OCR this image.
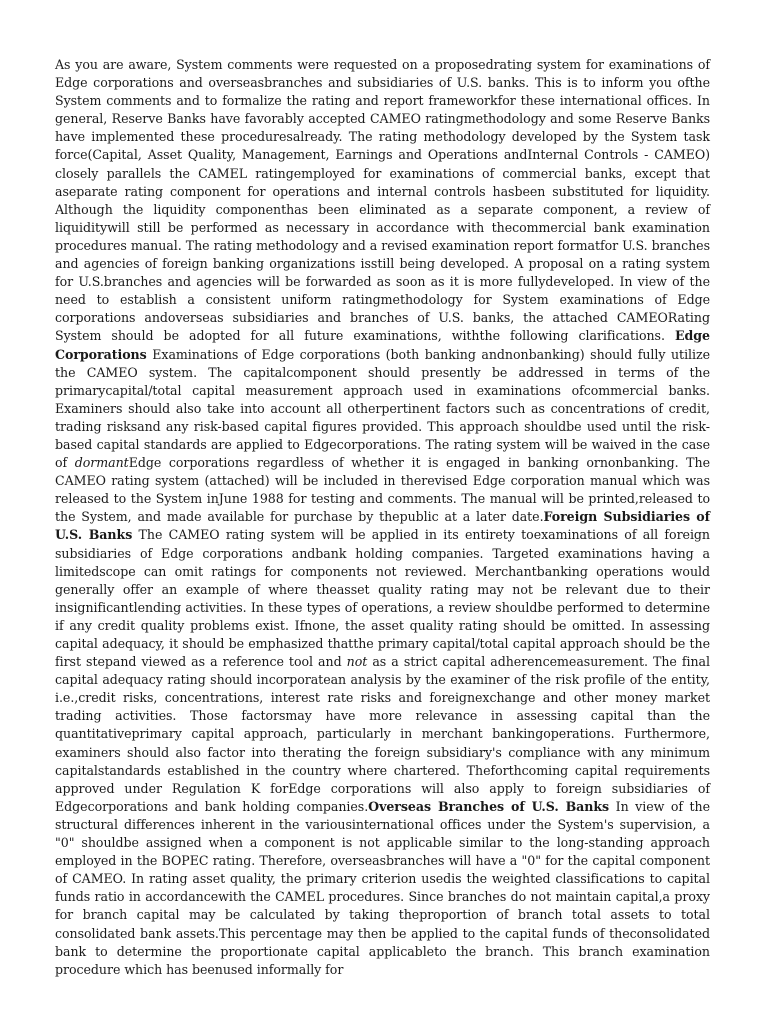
As you are aware, System comments were requested on a proposedrating system for examinations of Edge corporations and overseasbranches and subsidiaries of U.S. banks. This is to inform you ofthe System comments and to formalize the rating and report frameworkfor these international offices. In general, Reserve Banks have favorably accepted CAMEO ratingmethodology and some Reserve Banks have implemented these proceduresalready. The rating methodology developed by the System task force(Capital, Asset Quality, Management, Earnings and Operations andInternal Controls - CAMEO) closely parallels the CAMEL ratingemployed for examinations of commercial banks, except that aseparate rating component for operations and internal controls hasbeen substituted for liquidity. Although the liquidity componenthas been eliminated as a separate component, a review of liquiditywill still be performed as necessary in accordance with thecommercial bank examination procedures manual. The rating methodology and a revised examination report formatfor U.S. branches and agencies of foreign banking organizations isstill being developed. A proposal on a rating system for U.S.branches and agencies will be forwarded as soon as it is more fullydeveloped. In view of the need to establish a consistent uniform ratingmethodology for System examinations of Edge corporations andoverseas subsidiaries and branches of U.S. banks, the attached CAMEORating System should be adopted for all future examinations, withthe following clarifications. Edge Corporations Examinations of Edge corporations (both banking andnonbanking) should fully utilize the CAMEO system. The capitalcomponent should presently be addressed in terms of the primarycapital/total capital measurement approach used in examinations ofcommercial banks. Examiners should also take into account all otherpertinent factors such as concentrations of credit, trading risksand any risk-based capital figures provided. This approach shouldbe used until the risk-based capital standards are applied to Edgecorporations. The rating system will be waived in the case of dormantEdge corporations regardless of whether it is engaged in banking ornonbanking. The CAMEO rating system (attached) will be included in therevised Edge corporation manual which was released to the System inJune 1988 for testing and comments. The manual will be printed,released to the System, and made available for purchase by thepublic at a later date.Foreign Subsidiaries of U.S. Banks The CAMEO rating system will be applied in its entirety toexaminations of all foreign subsidiaries of Edge corporations andbank holding companies. Targeted examinations having a limitedscope can omit ratings for components not reviewed. Merchantbanking operations would generally offer an example of where theasset quality rating may not be relevant due to their insignificantlending activities. In these types of operations, a review shouldbe performed to determine if any credit quality problems exist. Ifnone, the asset quality rating should be omitted. In assessing capital adequacy, it should be emphasized thatthe primary capital/total capital approach should be the first stepand viewed as a reference tool and not as a strict capital adherencemeasurement. The final capital adequacy rating should incorporatean analysis by the examiner of the risk profile of the entity, i.e.,credit risks, concentrations, interest rate risks and foreignexchange and other money market trading activities. Those factorsmay have more relevance in assessing capital than the quantitativeprimary capital approach, particularly in merchant bankingoperations. Furthermore, examiners should also factor into therating the foreign subsidiary's compliance with any minimum capitalstandards established in the country where chartered. Theforthcoming capital requirements approved under Regulation K forEdge corporations will also apply to foreign subsidiaries of Edgecorporations and bank holding companies.Overseas Branches of U.S. Banks In view of the structural differences inherent in the variousinternational offices under the System's supervision, a "0" shouldbe assigned when a component is not applicable similar to the long-standing approach employed in the BOPEC rating. Therefore, overseasbranches will have a "0" for the capital component of CAMEO. In rating asset quality, the primary criterion usedis the weighted classifications to capital funds ratio in accordancewith the CAMEL procedures. Since branches do not maintain capital,a proxy for branch capital may be calculated by taking theproportion of branch total assets to total consolidated bank assets.This percentage may then be applied to the capital funds of theconsolidated bank to determine the proportionate capital applicableto the branch. This branch examination procedure which has beenused informally for
